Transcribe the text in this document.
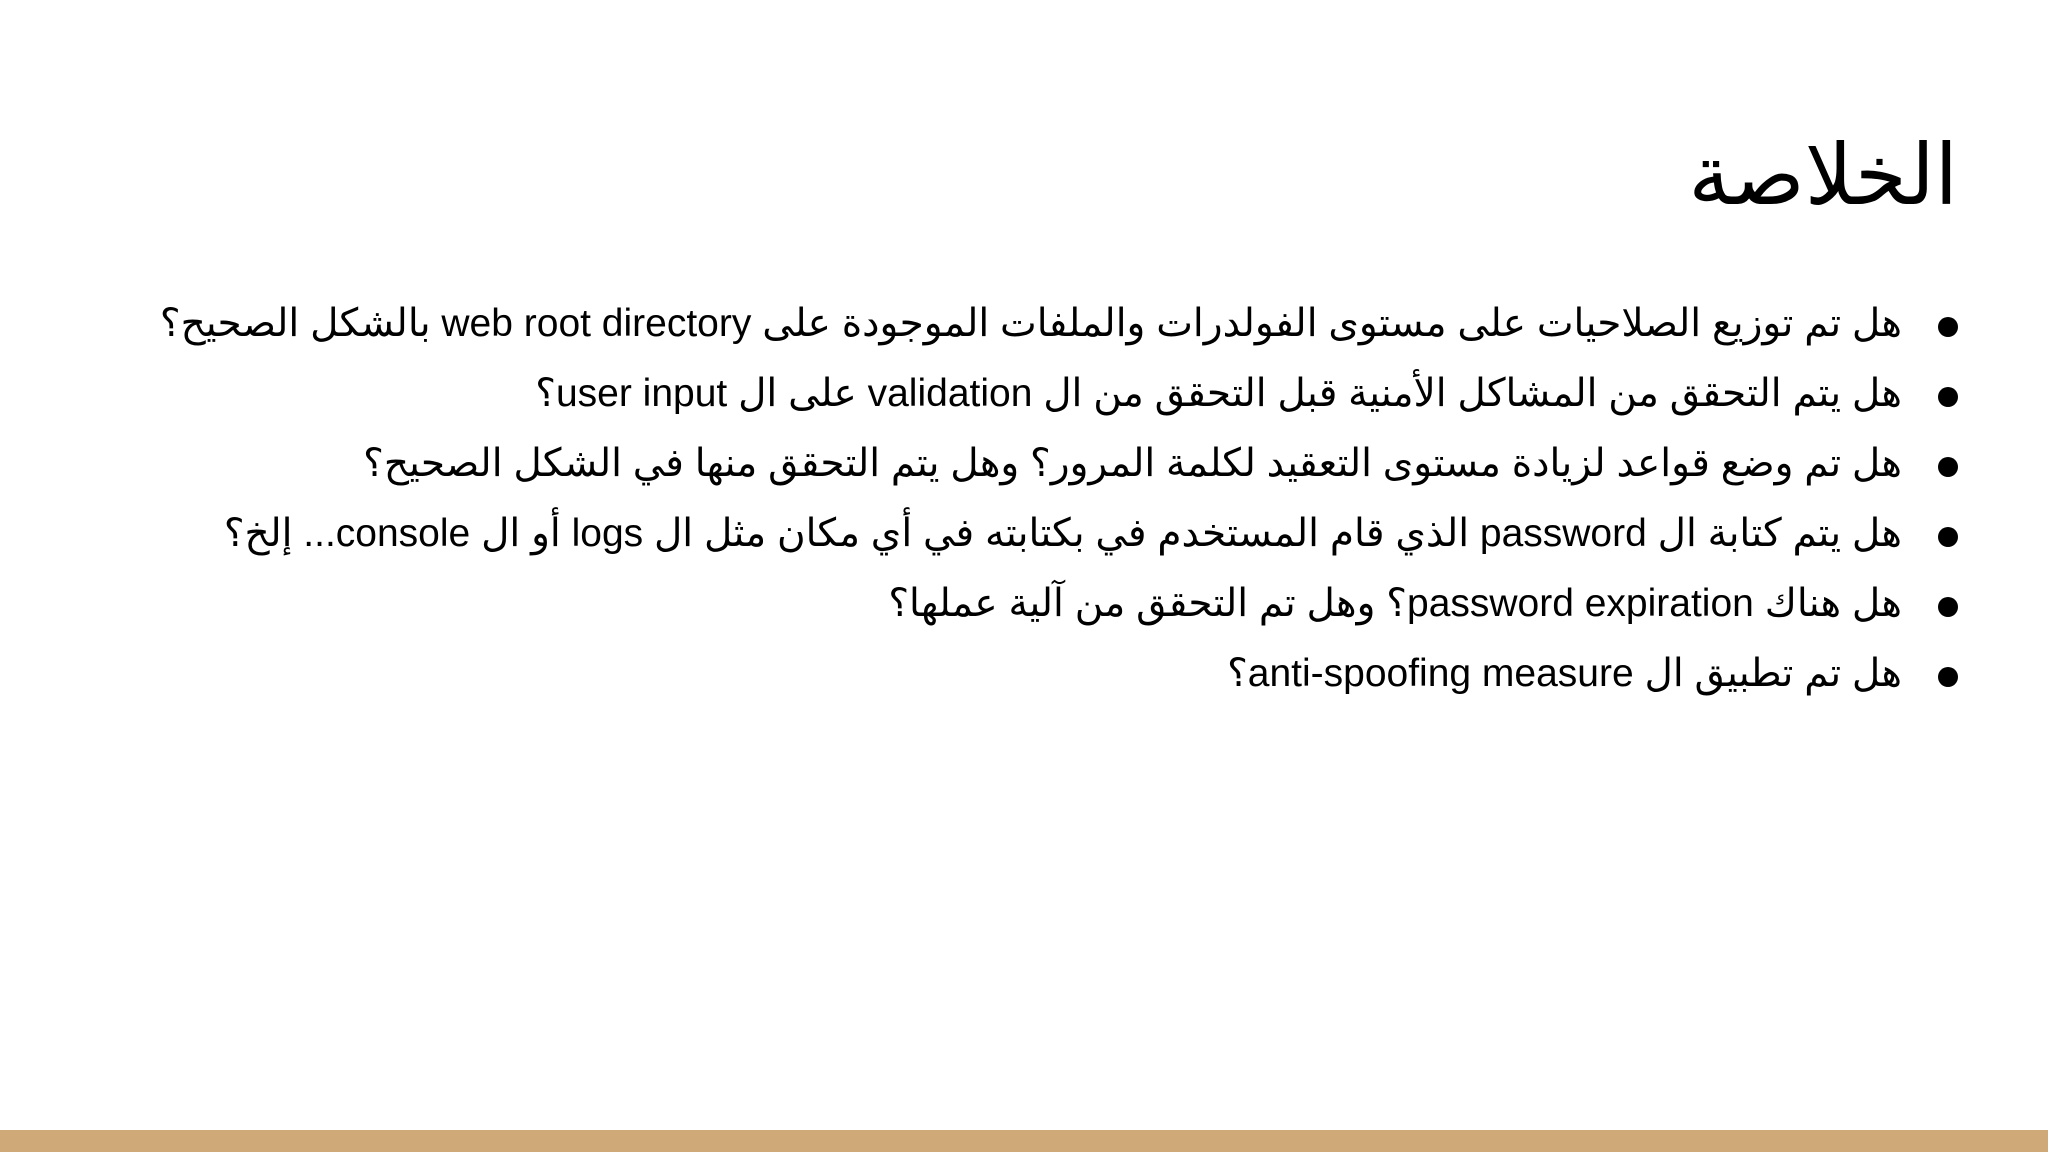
الخلاصة
هل تم توزيع الصلاحيات على مستوى الفولدرات والملفات الموجودة على web root directory بالشكل الصحيح؟
هل يتم التحقق من المشاكل الأمنية قبل التحقق من ال validation على ال user input؟
هل تم وضع قواعد لزيادة مستوى التعقيد لكلمة المرور؟ وهل يتم التحقق منها في الشكل الصحيح؟
هل يتم كتابة ال password الذي قام المستخدم في بكتابته في أي مكان مثل ال logs أو ال console... إلخ؟
هل هناك password expiration؟ وهل تم التحقق من آلية عملها؟
هل تم تطبيق ال anti-spoofing measure؟
